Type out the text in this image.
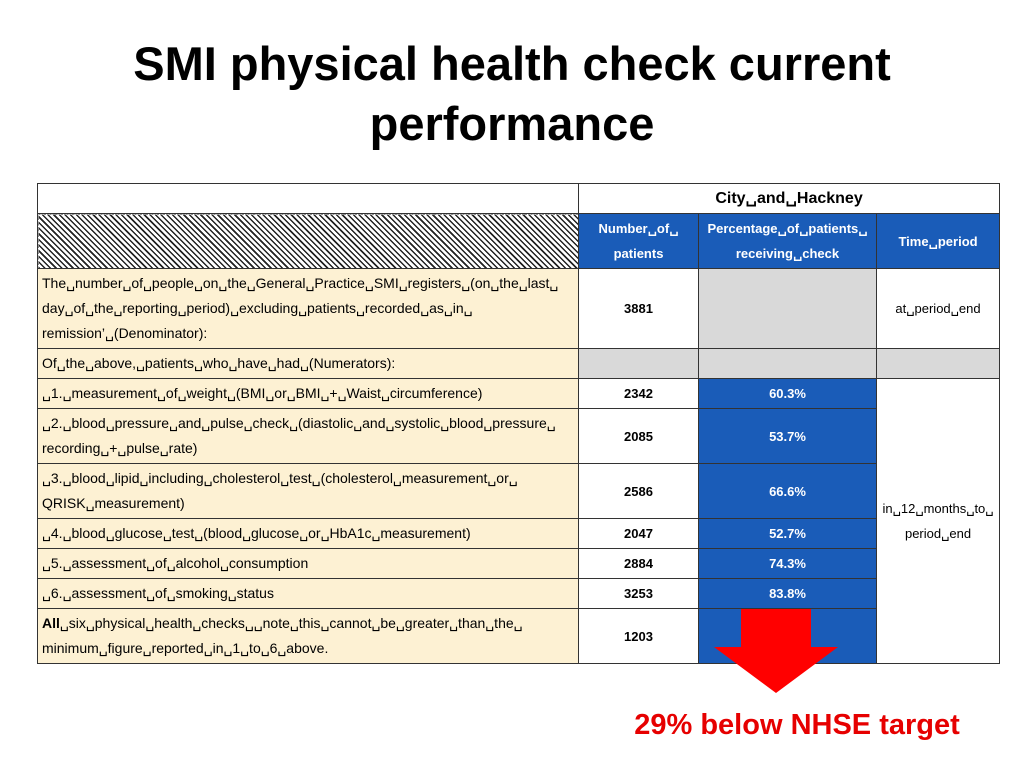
SMI physical health check current performance
	City␣and␣Hackney		
	Number␣of␣ patients	Percentage␣of␣patients␣ receiving␣check	Time␣period
The␣number␣of␣people␣on␣the␣General␣Practice␣SMI␣registers␣(on␣the␣last␣ day␣of␣the␣reporting␣period)␣excluding␣patients␣recorded␣as␣in␣ remission’␣(Denominator):	3881		at␣period␣end
Of␣the␣above,␣patients␣who␣have␣had␣(Numerators):			
␣1.␣measurement␣of␣weight␣(BMI␣or␣BMI␣+␣Waist␣circumference)	2342	60.3%	in␣12␣months␣to␣ period␣end
␣2.␣blood␣pressure␣and␣pulse␣check␣(diastolic␣and␣systolic␣blood␣pressure␣ recording␣+␣pulse␣rate)	2085	53.7%	
␣3.␣blood␣lipid␣including␣cholesterol␣test␣(cholesterol␣measurement␣or␣ QRISK␣measurement)	2586	66.6%	
␣4.␣blood␣glucose␣test␣(blood␣glucose␣or␣HbA1c␣measurement)	2047	52.7%	
␣5.␣assessment␣of␣alcohol␣consumption	2884	74.3%	
␣6.␣assessment␣of␣smoking␣status	3253	83.8%	
All␣six␣physical␣health␣checks␣␣note␣this␣cannot␣be␣greater␣than␣the␣ minimum␣figure␣reported␣in␣1␣to␣6␣above.	1203	
29% below NHSE target
